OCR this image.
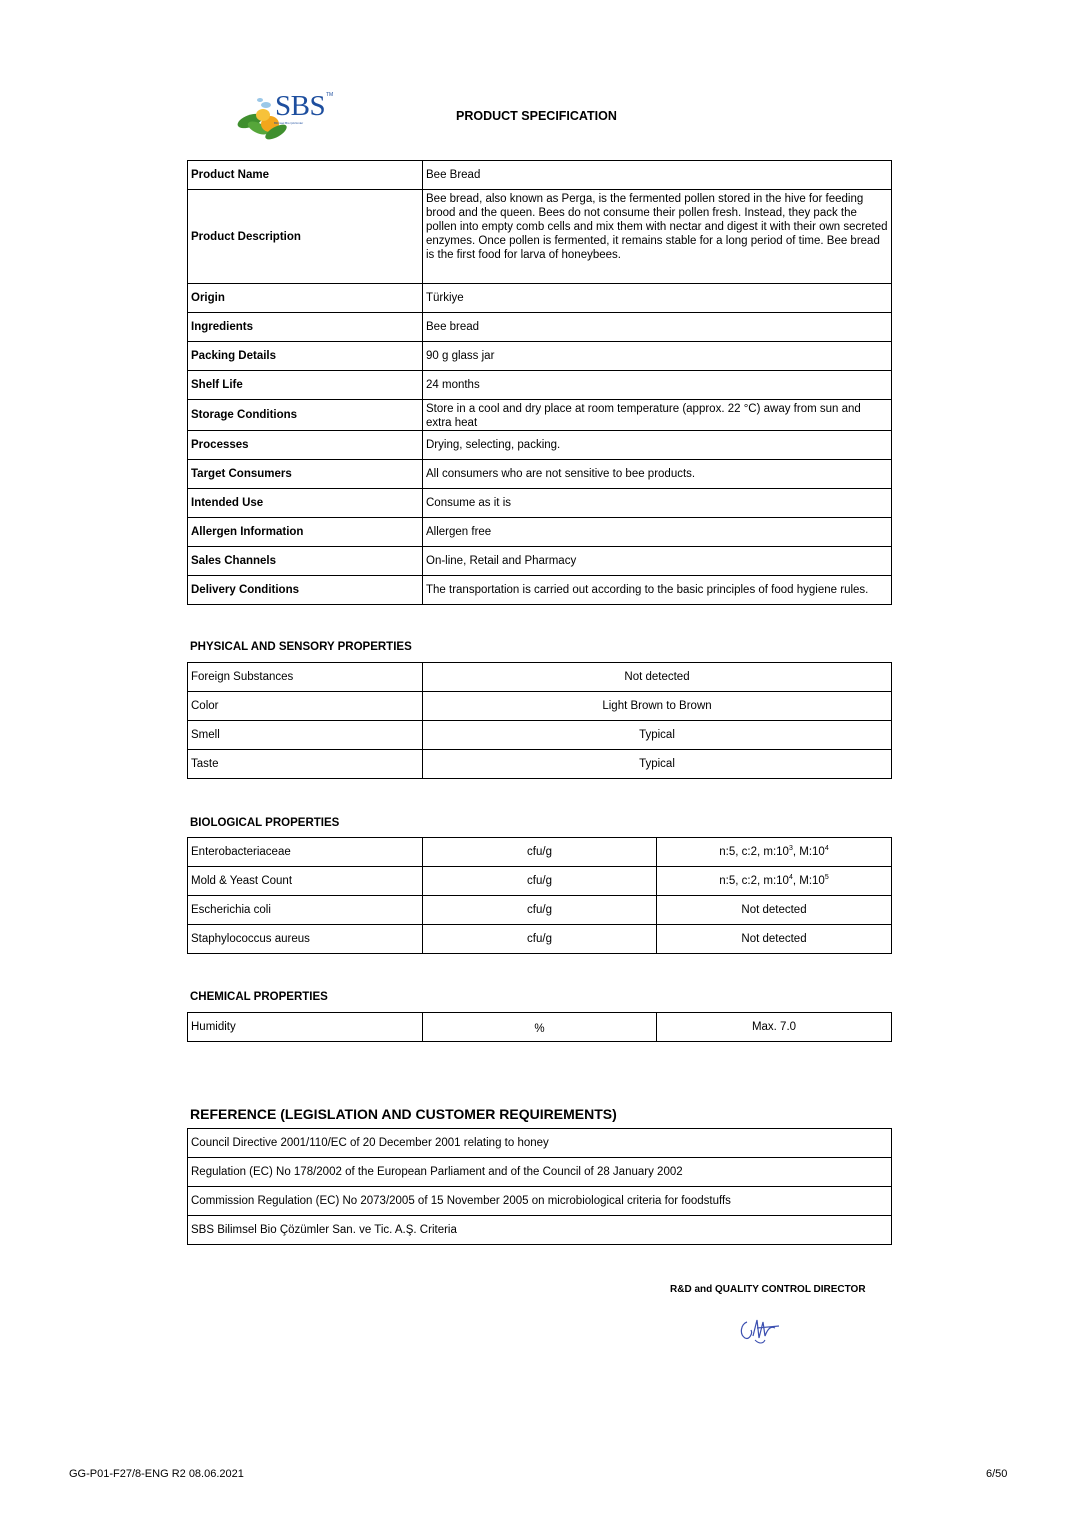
SBS TM
Bilimsel Bio Çözümler	PRODUCT SPECIFICATION
Product Name	Bee Bread
Product Description	Bee bread, also known as Perga, is the fermented pollen stored in the hive for feeding brood and the queen. Bees do not consume their pollen fresh. Instead, they pack the pollen into empty comb cells and mix them with nectar and digest it with their own secreted enzymes. Once pollen is fermented, it remains stable for a long period of time. Bee bread is the first food for larva of honeybees.
Origin	Türkiye
Ingredients	Bee bread
Packing Details	90 g glass jar
Shelf Life	24 months
Storage Conditions	Store in a cool and dry place at room temperature (approx. 22 °C) away from sun and extra heat
Processes	Drying, selecting, packing.
Target Consumers	All consumers who are not sensitive to bee products.
Intended Use	Consume as it is
Allergen Information	Allergen free
Sales Channels	On-line, Retail and Pharmacy
Delivery Conditions	The transportation is carried out according to the basic principles of food hygiene rules.
PHYSICAL AND SENSORY PROPERTIES
Foreign Substances	Not detected
Color	Light Brown to Brown
Smell	Typical
Taste	Typical
BIOLOGICAL PROPERTIES
Enterobacteriaceae	cfu/g	n:5, c:2, $m:10^3$, $M:10^4$
Mold & Yeast Count	cfu/g	n:5, c:2, $m:10^4$, $M:10^5$
Escherichia coli	cfu/g	Not detected
Staphylococcus aureus	cfu/g	Not detected
CHEMICAL PROPERTIES
Humidity	%	Max. 7.0
REFERENCE (LEGISLATION AND CUSTOMER REQUIREMENTS)
Council Directive 2001/110/EC of 20 December 2001 relating to honey
Regulation (EC) No 178/2002 of the European Parliament and of the Council of 28 January 2002
Commission Regulation (EC) No 2073/2005 of 15 November 2005 on microbiological criteria for foodstuffs
SBS Bilimsel Bio Çözümler San. ve Tic. A.Ş. Criteria
R&D and QUALITY CONTROL DIRECTOR
GG-P01-F27/8-ENG R2 08.06.2021	6/50
